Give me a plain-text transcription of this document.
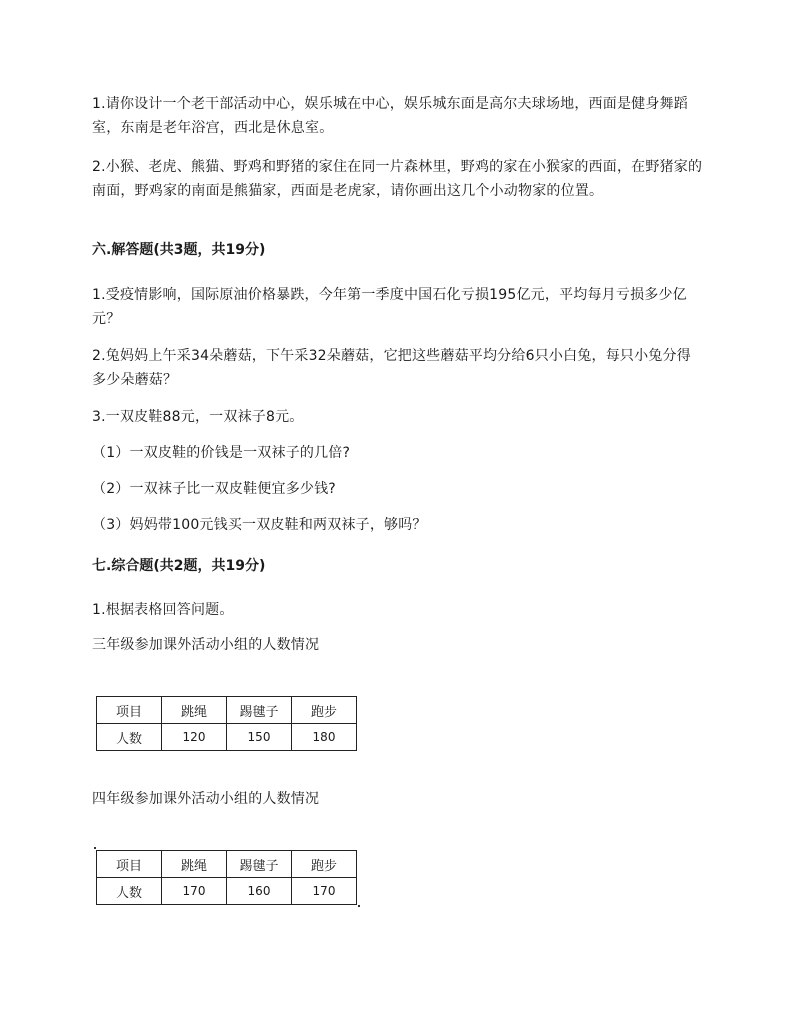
1.请你设计一个老干部活动中心，娱乐城在中心，娱乐城东面是高尔夫球场地，西面是健身舞蹈室，东南是老年浴宫，西北是休息室。

2.小猴、老虎、熊猫、野鸡和野猪的家住在同一片森林里，野鸡的家在小猴家的西面，在野猪家的南面，野鸡家的南面是熊猫家，西面是老虎家，请你画出这几个小动物家的位置。

六.解答题(共3题，共19分)

1.受疫情影响，国际原油价格暴跌，今年第一季度中国石化亏损195亿元，平均每月亏损多少亿元？

2.兔妈妈上午采34朵蘑菇，下午采32朵蘑菇，它把这些蘑菇平均分给6只小白兔，每只小兔分得多少朵蘑菇？

3.一双皮鞋88元，一双袜子8元。

（1）一双皮鞋的价钱是一双袜子的几倍?

（2）一双袜子比一双皮鞋便宜多少钱?

（3）妈妈带100元钱买一双皮鞋和两双袜子，够吗？

七.综合题(共2题，共19分)

1.根据表格回答问题。

三年级参加课外活动小组的人数情况

项目	跳绳	踢毽子	跑步
人数	120	150	180

四年级参加课外活动小组的人数情况

项目	跳绳	踢毽子	跑步
人数	170	160	170
